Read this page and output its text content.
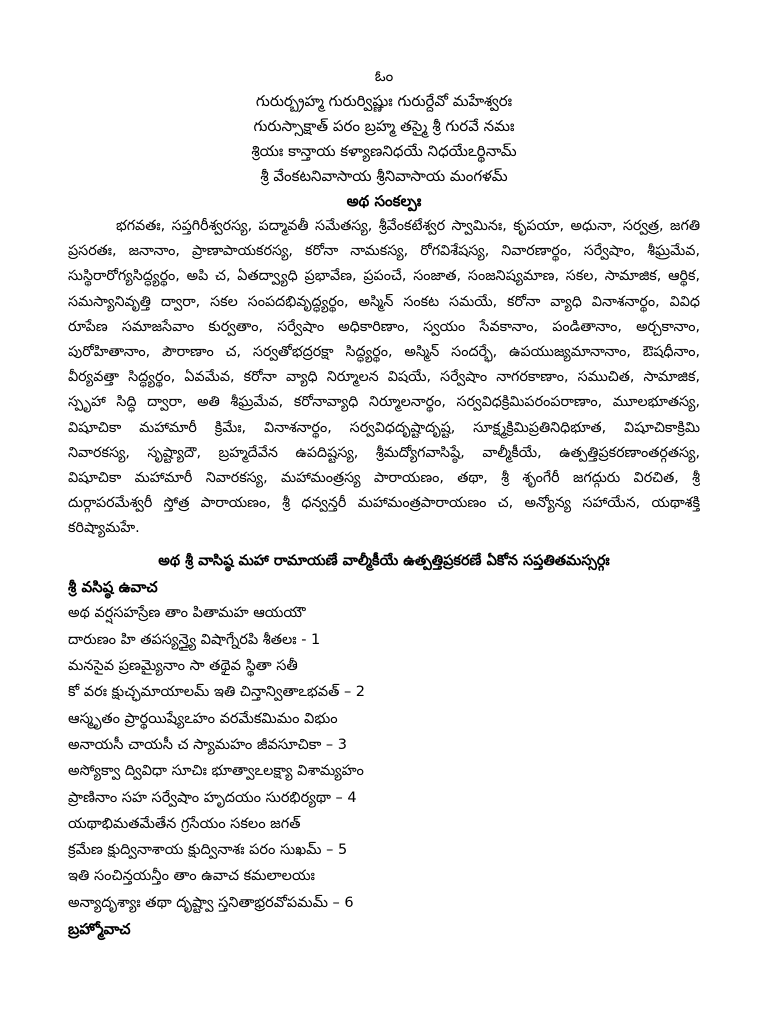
ఓం
గురుర్బ్రహ్మ గురుర్విష్ణుః గురుర్దేవో మహేశ్వరః
గురుస్సాక్షాత్ పరం బ్రహ్మ తస్మై శ్రీ గురవే నమః
శ్రియః కాన్తాయ కళ్యాణనిధయే నిధయేఽర్థినామ్
శ్రీ వేంకటనివాసాయ శ్రీనివాసాయ మంగళమ్
అథ సంకల్పః
భగవతః, సప్తగిరీశ్వరస్య, పద్మావతీ సమేతస్య, శ్రీవేంకటేశ్వర స్వామినః, కృపయా, అధునా, సర్వత్ర, జగతి
ప్రసరతః, జనానాం, ప్రాణాపాయకరస్య, కరోనా నామకస్య, రోగవిశేషస్య, నివారణార్థం, సర్వేషాం, శీఘ్రమేవ,
సుస్థిరారోగ్యసిద్ధ్యర్థం, అపి చ, ఏతద్వ్యాధి ప్రభావేణ, ప్రపంచే, సంజాత, సంజనిష్యమాణ, సకల, సామాజిక, ఆర్థిక,
సమస్యానివృత్తి ద్వారా, సకల సంపదభివృద్ధ్యర్థం, అస్మిన్ సంకట సమయే, కరోనా వ్యాధి వినాశనార్థం, వివిధ
రూపేణ సమాజసేవాం కుర్వతాం, సర్వేషాం అధికారిణాం, స్వయం సేవకానాం, పండితానాం, అర్చకానాం,
పురోహితానాం, పౌరాణాం చ, సర్వతోభద్రరక్షా సిద్ధ్యర్థం, అస్మిన్ సందర్భే, ఉపయుజ్యమానానాం, ఔషధీనాం,
వీర్యవత్తా సిద్ధ్యర్థం, ఏవమేవ, కరోనా వ్యాధి నిర్మూలన విషయే, సర్వేషాం నాగరకాణాం, సముచిత, సామాజిక,
స్పృహా సిద్ధి ద్వారా, అతి శీఘ్రమేవ, కరోనావ్యాధి నిర్మూలనార్థం, సర్వవిధక్రిమిపరంపరాణాం, మూలభూతస్య,
విషూచికా మహామారీ క్రిమేః, వినాశనార్థం, సర్వవిధదృష్టాదృష్ట, సూక్ష్మక్రిమిప్రతినిధిభూత, విషూచికాక్రిమి
నివారకస్య, సృష్ట్యాదౌ, బ్రహ్మదేవేన ఉపదిష్టస్య, శ్రీమద్యోగవాసిష్ఠే, వాల్మీకీయే, ఉత్పత్తిప్రకరణాంతర్గతస్య,
విషూచికా మహామారీ నివారకస్య, మహామంత్రస్య పారాయణం, తథా, శ్రీ శృంగేరీ జగద్గురు విరచిత, శ్రీ
దుర్గాపరమేశ్వరీ స్తోత్ర పారాయణం, శ్రీ ధన్వన్తరీ మహామంత్రపారాయణం చ, అన్యోన్య సహాయేన, యథాశక్తి
కరిష్యామహే.
అథ శ్రీ వాసిష్ఠ మహా రామాయణే వాల్మీకీయే ఉత్పత్తిప్రకరణే ఏకోన సప్తతితమస్సర్గః
శ్రీ వసిష్ఠ ఉవాచ
అథ వర్షసహస్రేణ తాం పితామహ ఆయయౌ
దారుణం హి తపస్యన్త్యై విషాగ్నేరపి శీతలః - 1
మనసైవ ప్రణమ్యైనాం సా తథైవ స్థితా సతీ
కో వరః క్షుచ్ఛమాయాలమ్ ఇతి చిన్తాన్వితాఽభవత్ – 2
ఆస్మృతం ప్రార్థయిష్యేఽహం వరమేకమిమం విభుం
అనాయసీ చాయసీ చ స్యామహం జీవసూచికా – 3
అస్యోక్వా ద్వివిధా సూచిః భూత్వాఽలక్ష్యా విశామ్యహం
ప్రాణినాం సహ సర్వేషాం హృదయం సురభిర్యథా – 4
యథాభిమతమేతేన గ్రసేయం సకలం జగత్
క్రమేణ క్షుద్వినాశాయ క్షుద్వినాశః పరం సుఖమ్ – 5
ఇతి సంచిన్తయన్తీం తాం ఉవాచ కమలాలయః
అన్యాదృశ్యాః తథా దృష్ట్వా స్తనితాభ్రరవోపమమ్ – 6
బ్రహ్మోవాచ
